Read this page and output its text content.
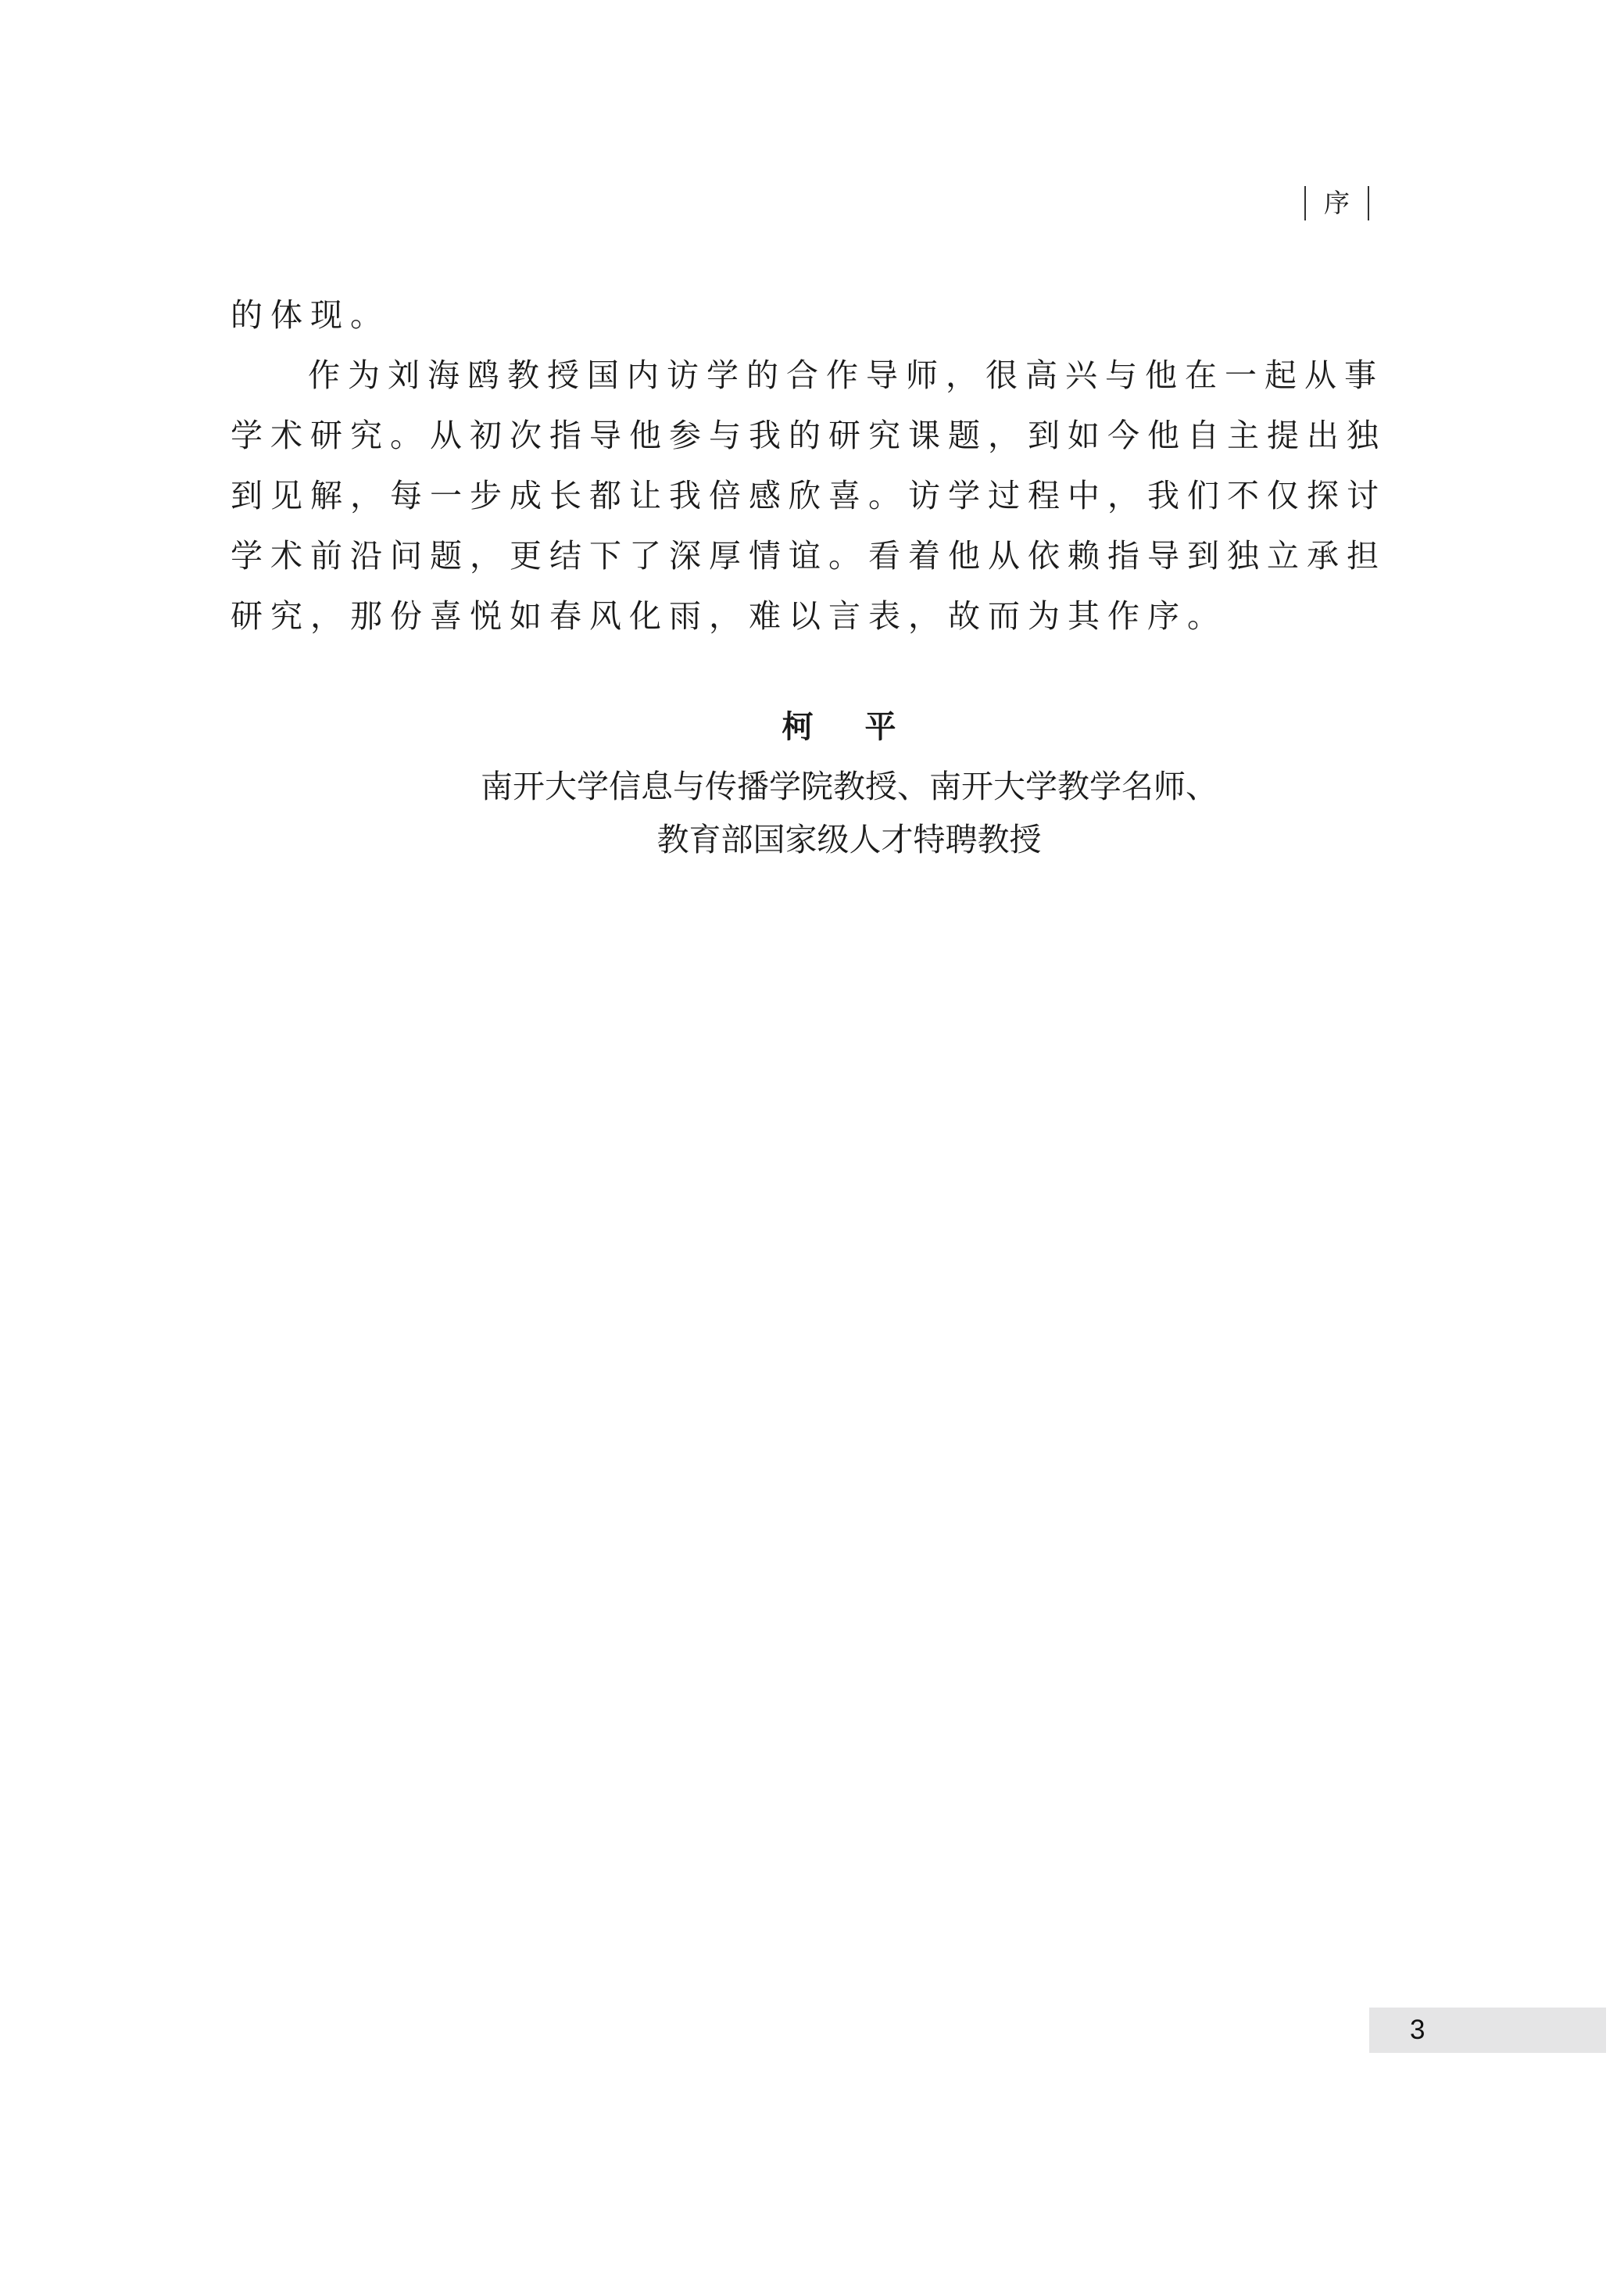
序
的体现。
作为刘海鸥教授国内访学的合作导师，很高兴与他在一起从事
学术研究。从初次指导他参与我的研究课题，到如今他自主提出独
到见解，每一步成长都让我倍感欣喜。访学过程中，我们不仅探讨
学术前沿问题，更结下了深厚情谊。看着他从依赖指导到独立承担
研究，那份喜悦如春风化雨，难以言表，故而为其作序。
柯 平
南开大学信息与传播学院教授、南开大学教学名师、
教育部国家级人才特聘教授
3
